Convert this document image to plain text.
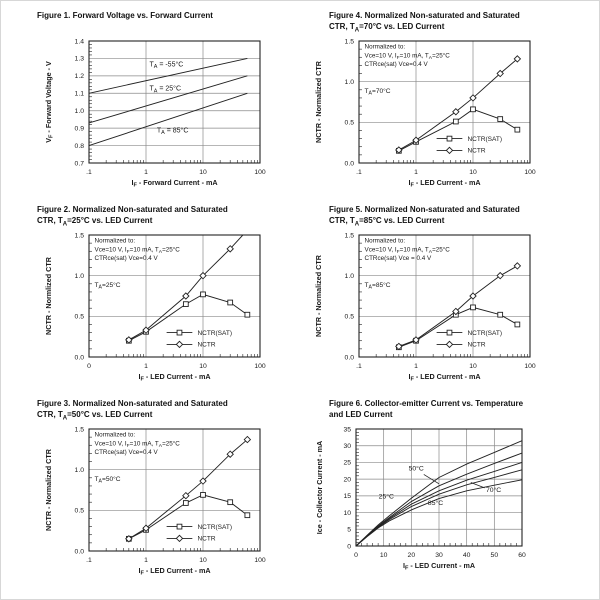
Figure 1. Forward Voltage vs. Forward Current
$T_A = -55^\circ C$
$T_A = 25^\circ C$
$T_A = 85^\circ C$
.1	1	10	100
0.7
0.8
0.9
1.0
1.1
1.2
1.3
1.4
$I_F$ - Forward Current - mA
$V_F$ - Forward Voltage - V
Figure 4. Normalized Non-saturated and Saturated
CTR, $T_A=70^\circ C$ vs. LED Current
NCTR(SAT)
NCTR
Normalized to:
Vce=10 V, $I_F=10$ mA, $T_A=25^\circ C$
CTRce(sat) Vce=0.4 V
$T_A=70^\circ C$
.1	1	10	100
0.0
0.5
1.0
1.5
$I_F$ - LED Current - mA
NCTR - Normalized CTR
Figure 2. Normalized Non-saturated and Saturated
CTR, $T_A=25^\circ C$ vs. LED Current
NCTR(SAT)
NCTR
Normalized to:
Vce=10 V, $I_F=10$ mA, $T_A=25^\circ C$
CTRce(sat) Vce=0.4 V
$T_A=25^\circ C$
0	1	10	100
0.0
0.5
1.0
1.5
$I_F$ - LED Current - mA
NCTR - Normlized CTR
Figure 5. Normalized Non-saturated and Saturated
CTR, $T_A=85^\circ C$ vs. LED Current
NCTR(SAT)
NCTR
Normalized to:
Vce=10 V, $I_F=10$ mA, $T_A=25^\circ C$
CTRce(sat) Vce = 0.4 V
$T_A=85^\circ C$
.1	1	10	100
0.0
0.5
1.0
1.5
$I_F$ - LED Current - mA
NCTR - Normalized CTR
Figure 3. Normalized Non-saturated and Saturated
CTR, $T_A=50^\circ C$ vs. LED Current
NCTR(SAT)
NCTR
Normalized to:
Vce=10 V, $I_F=10$ mA, $T_A=25^\circ C$
CTRce(sat) Vce=0.4 V
$T_A=50^\circ C$
.1	1	10	100
0.0
0.5
1.0
1.5
$I_F$ - LED Current - mA
NCTR - Normalized CTR
Figure 6. Collector-emitter Current vs. Temperature
and LED Current
50°C
25°C
85°C
70°C
0	10	20	30	40	50	60
0
5
10
15
20
25
30
35
$I_F$ - LED Current - mA
Ice - Collector Current - mA
